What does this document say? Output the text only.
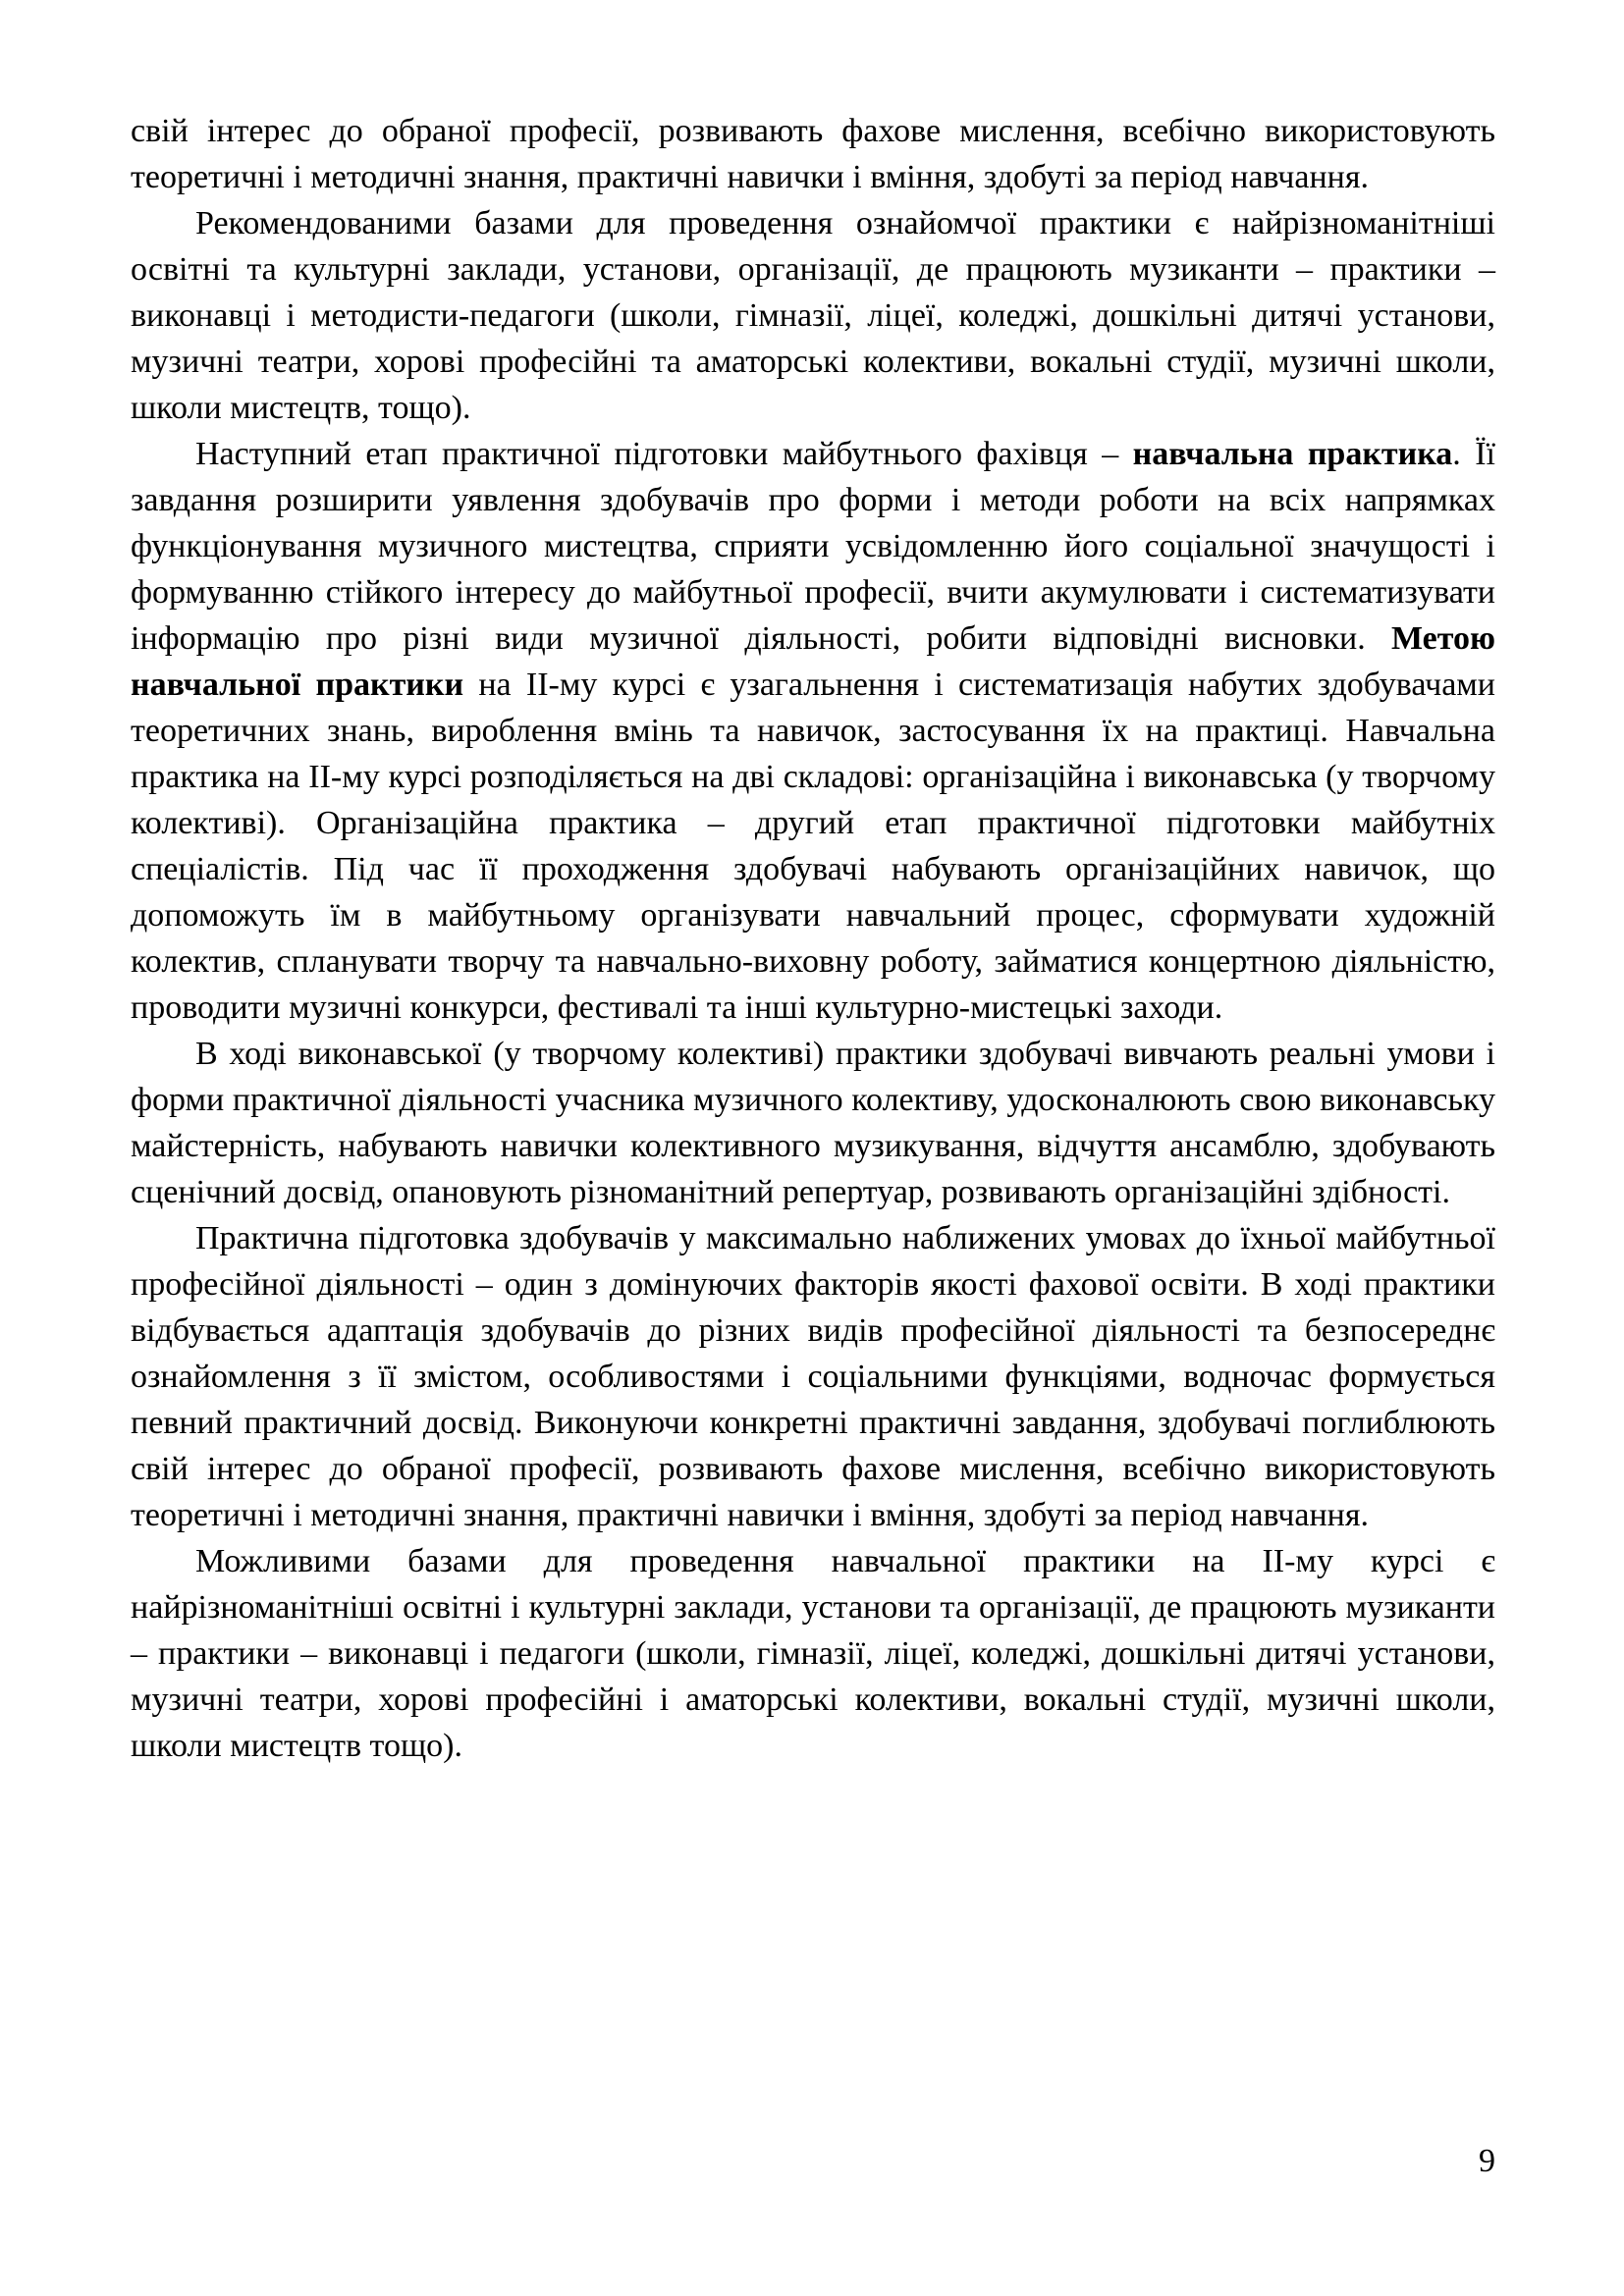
свій інтерес до обраної професії, розвивають фахове мислення, всебічно використовують теоретичні і методичні знання, практичні навички і вміння, здобуті за період навчання.

Рекомендованими базами для проведення ознайомчої практики є найрізноманітніші освітні та культурні заклади, установи, організації, де працюють музиканти – практики – виконавці і методисти-педагоги (школи, гімназії, ліцеї, коледжі, дошкільні дитячі установи, музичні театри, хорові професійні та аматорські колективи, вокальні студії, музичні школи, школи мистецтв, тощо).

Наступний етап практичної підготовки майбутнього фахівця – навчальна практика. Її завдання розширити уявлення здобувачів про форми і методи роботи на всіх напрямках функціонування музичного мистецтва, сприяти усвідомленню його соціальної значущості і формуванню стійкого інтересу до майбутньої професії, вчити акумулювати і систематизувати інформацію про різні види музичної діяльності, робити відповідні висновки. Метою навчальної практики на ІІ-му курсі є узагальнення і систематизація набутих здобувачами теоретичних знань, вироблення вмінь та навичок, застосування їх на практиці. Навчальна практика на ІІ-му курсі розподіляється на дві складові: організаційна і виконавська (у творчому колективі). Організаційна практика – другий етап практичної підготовки майбутніх спеціалістів. Під час її проходження здобувачі набувають організаційних навичок, що допоможуть їм в майбутньому організувати навчальний процес, сформувати художній колектив, спланувати творчу та навчально-виховну роботу, займатися концертною діяльністю, проводити музичні конкурси, фестивалі та інші культурно-мистецькі заходи.

В ході виконавської (у творчому колективі) практики здобувачі вивчають реальні умови і форми практичної діяльності учасника музичного колективу, удосконалюють свою виконавську майстерність, набувають навички колективного музикування, відчуття ансамблю, здобувають сценічний досвід, опановують різноманітний репертуар, розвивають організаційні здібності.

Практична підготовка здобувачів у максимально наближених умовах до їхньої майбутньої професійної діяльності – один з домінуючих факторів якості фахової освіти. В ході практики відбувається адаптація здобувачів до різних видів професійної діяльності та безпосереднє ознайомлення з її змістом, особливостями і соціальними функціями, водночас формується певний практичний досвід. Виконуючи конкретні практичні завдання, здобувачі поглиблюють свій інтерес до обраної професії, розвивають фахове мислення, всебічно використовують теоретичні і методичні знання, практичні навички і вміння, здобуті за період навчання.

Можливими базами для проведення навчальної практики на ІІ-му курсі є найрізноманітніші освітні і культурні заклади, установи та організації, де працюють музиканти – практики – виконавці і педагоги (школи, гімназії, ліцеї, коледжі, дошкільні дитячі установи, музичні театри, хорові професійні і аматорські колективи, вокальні студії, музичні школи, школи мистецтв тощо).

9
